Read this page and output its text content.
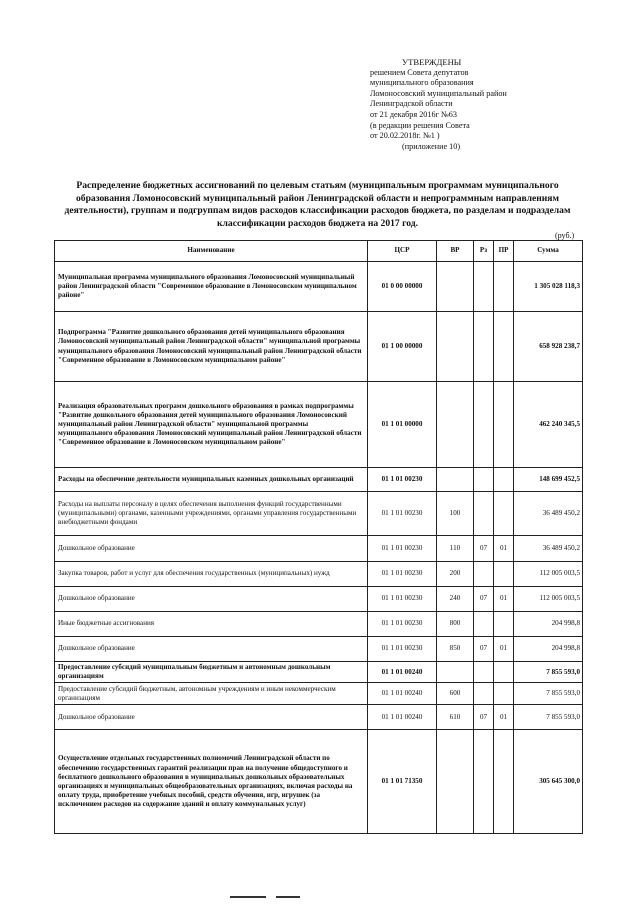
УТВЕРЖДЕНЫ
решением Совета депутатов
муниципального образования
Ломоносовский муниципальный район
Ленинградской области
от 21 декабря 2016г №63
(в редакции решения Совета
от 20.02.2018г. №1 )
(приложение 10)
Распределение бюджетных ассигнований по целевым статьям (муниципальным программам муниципального образования Ломоносовский муниципальный район Ленинградской области и непрограммным направлениям деятельности), группам и подгруппам видов расходов классификации расходов бюджета, по разделам и подразделам классификации расходов бюджета на 2017 год.
(руб.)
Наименование	ЦСР	ВР	Рз	ПР	Сумма
Муниципальная программа муниципального образования Ломоносовский муниципальный район Ленинградской области "Современное образование в Ломоносовском муниципальном районе"	01 0 00 00000				1 305 028 118,3
Подпрограмма "Развитие дошкольного образования детей муниципального образования Ломоносовский муниципальный район Ленинградской области" муниципальной программы муниципального образования Ломоносовский муниципальный район Ленинградской области "Современное образование в Ломоносовском муниципальном районе"	01 1 00 00000				658 928 238,7
Реализация образовательных программ дошкольного образования в рамках подпрограммы "Развитие дошкольного образования детей муниципального образования Ломоносовский муниципальный район Ленинградской области" муниципальной программы муниципального образования Ломоносовский муниципальный район Ленинградской области "Современное образование в Ломоносовском муниципальном районе"	01 1 01 00000				462 240 345,5
Расходы на обеспечение деятельности муниципальных казенных дошкольных организаций	01 1 01 00230				148 699 452,5
Расходы на выплаты персоналу в целях обеспечения выполнения функций государственными (муниципальными) органами, казенными учреждениями, органами управления государственными внебюджетными фондами	01 1 01 00230	100			36 489 450,2
Дошкольное образование	01 1 01 00230	110	07	01	36 489 450,2
Закупка товаров, работ и услуг для обеспечения государственных (муниципальных) нужд	01 1 01 00230	200			112 005 003,5
Дошкольное образование	01 1 01 00230	240	07	01	112 005 003,5
Иные бюджетные ассигнования	01 1 01 00230	800			204 998,8
Дошкольное образование	01 1 01 00230	850	07	01	204 998,8
Предоставление субсидий муниципальным бюджетным и автономным дошкольным организациям	01 1 01 00240				7 855 593,0
Предоставление субсидий бюджетным, автономным учреждениям и иным некоммерческим организациям	01 1 01 00240	600			7 855 593,0
Дошкольное образование	01 1 01 00240	610	07	01	7 855 593,0
Осуществление отдельных государственных полномочий Ленинградской области по обеспечению государственных гарантий реализации прав на получение общедоступного и бесплатного дошкольного образования в муниципальных дошкольных образовательных организациях и муниципальных общеобразовательных организациях, включая расходы на оплату труда, приобретение учебных пособий, средств обучения, игр, игрушек (за исключением расходов на содержание зданий и оплату коммунальных услуг)	01 1 01 71350				305 645 300,0
